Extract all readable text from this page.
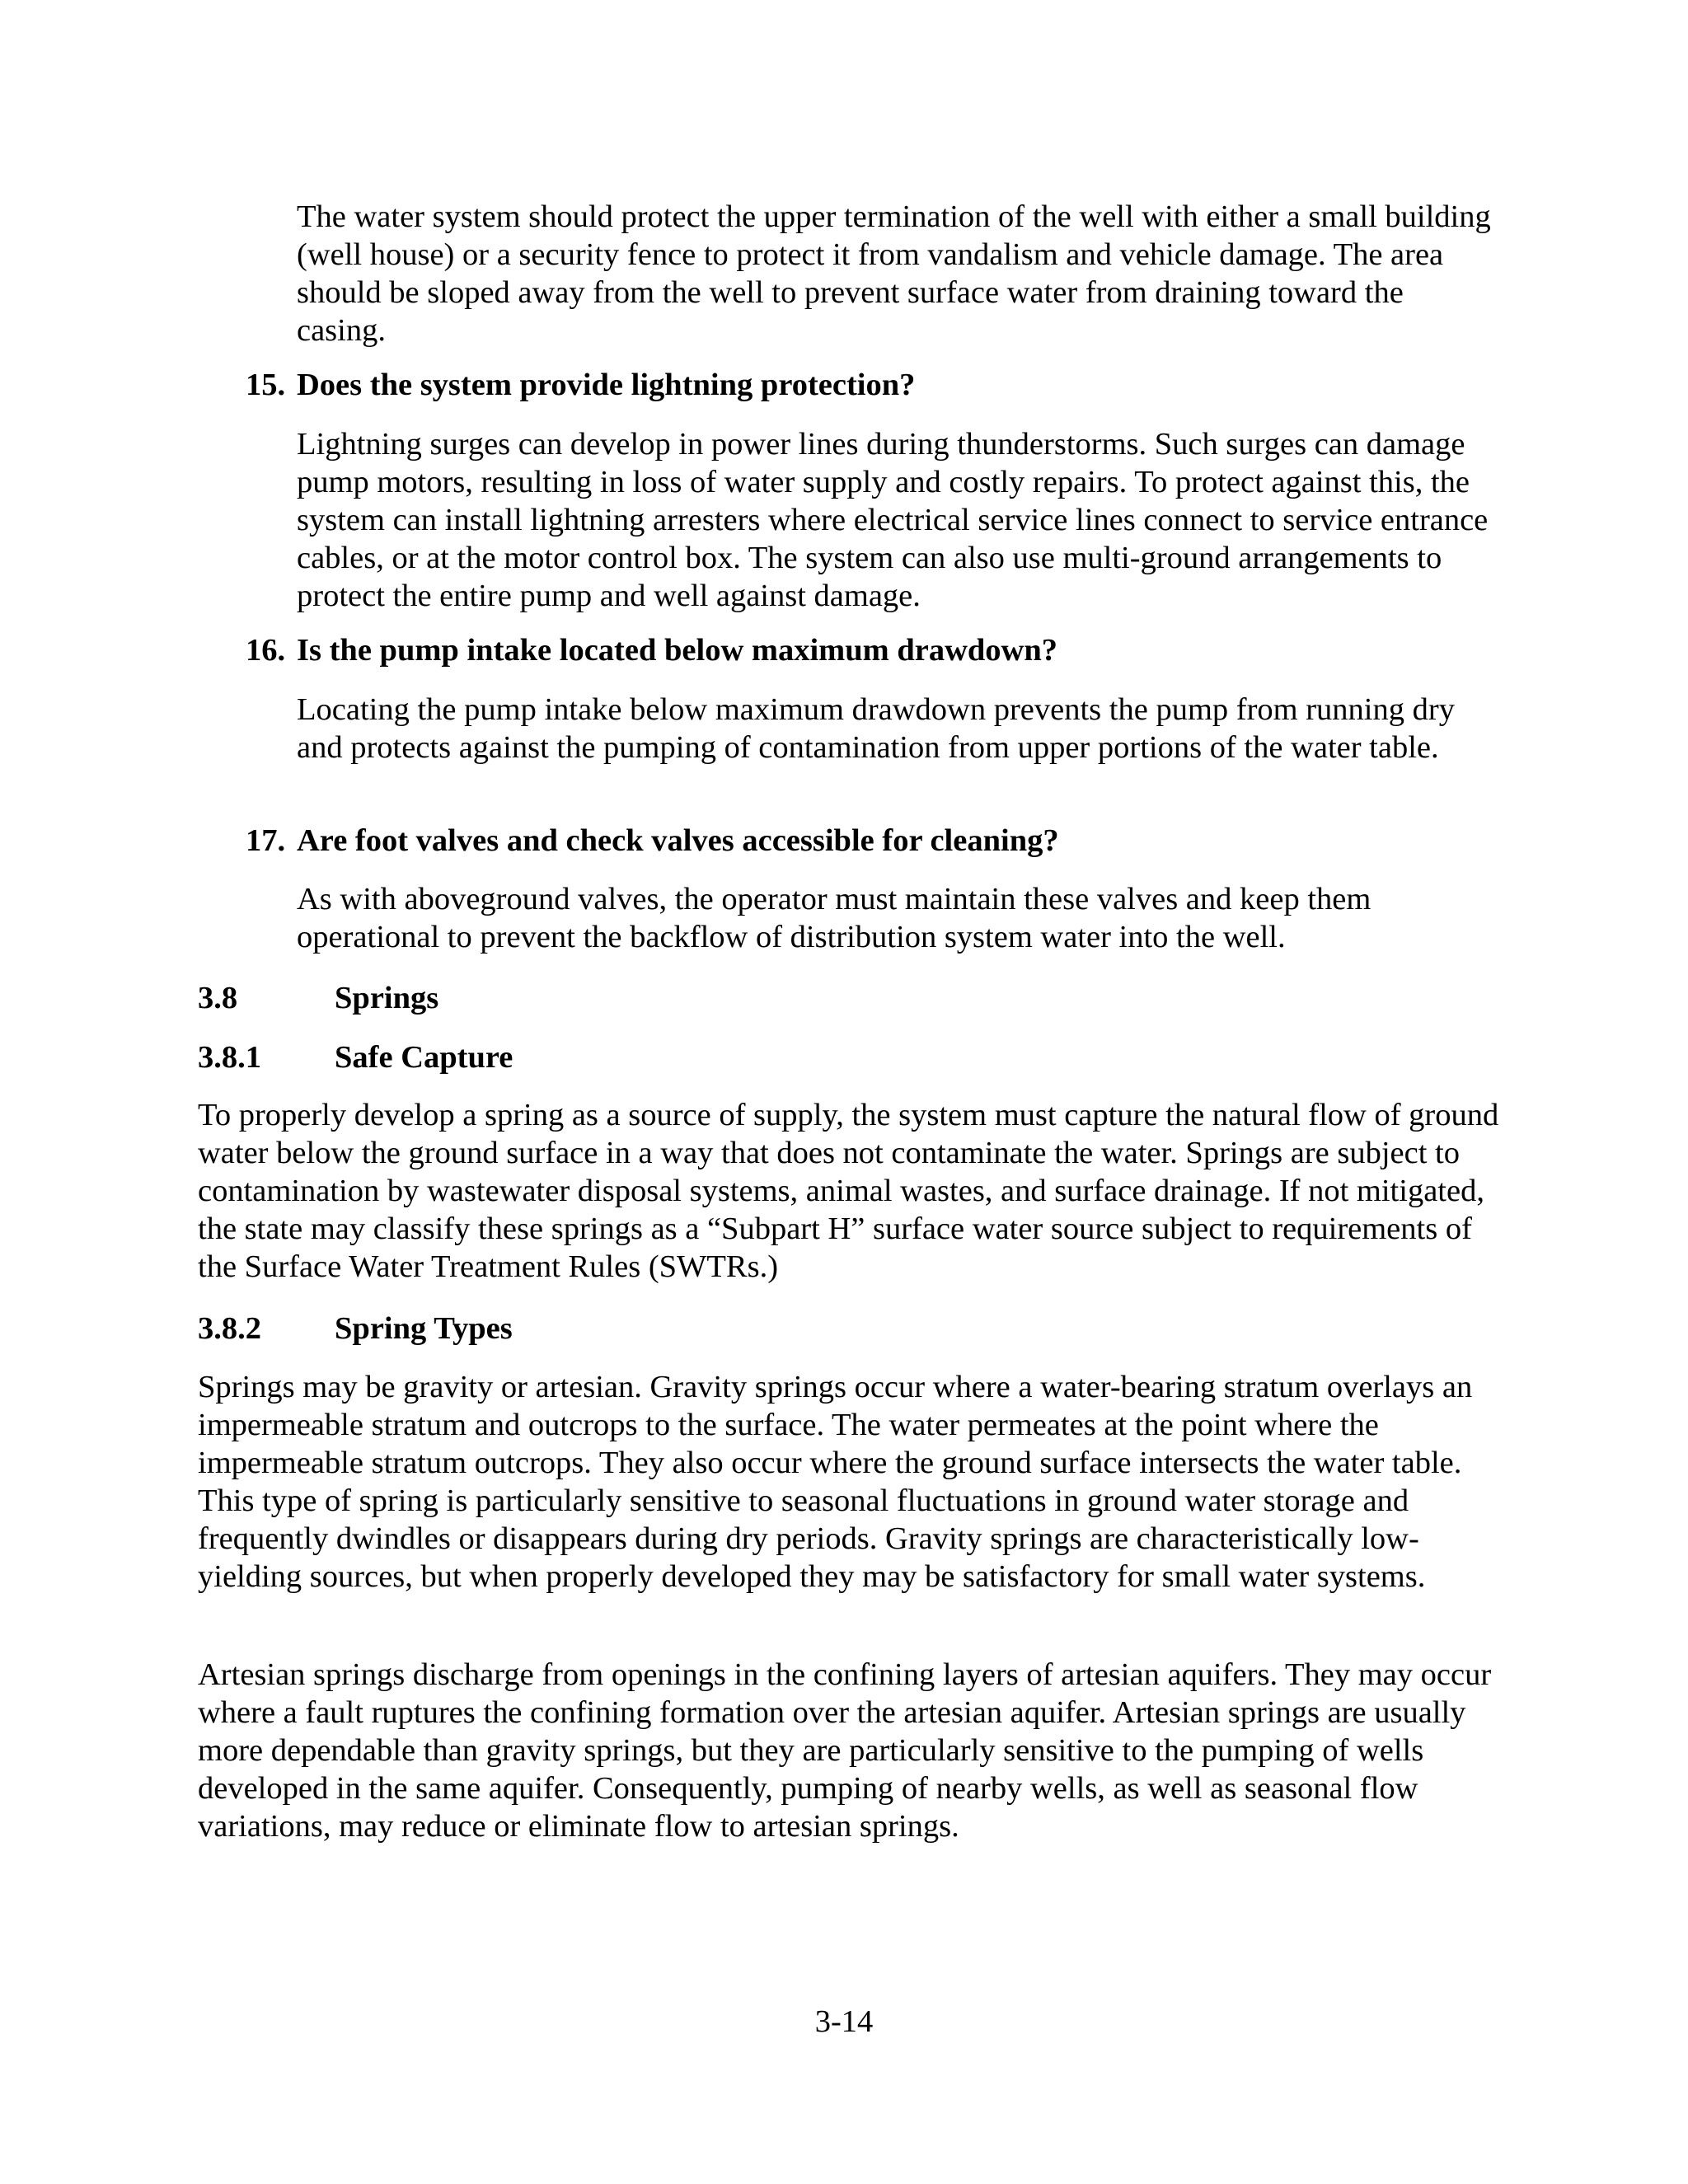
The water system should protect the upper termination of the well with either a small building (well house) or a security fence to protect it from vandalism and vehicle damage. The area should be sloped away from the well to prevent surface water from draining toward the casing.

15. Does the system provide lightning protection?

Lightning surges can develop in power lines during thunderstorms. Such surges can damage pump motors, resulting in loss of water supply and costly repairs. To protect against this, the system can install lightning arresters where electrical service lines connect to service entrance cables, or at the motor control box. The system can also use multi-ground arrangements to protect the entire pump and well against damage.

16. Is the pump intake located below maximum drawdown?

Locating the pump intake below maximum drawdown prevents the pump from running dry and protects against the pumping of contamination from upper portions of the water table.

17. Are foot valves and check valves accessible for cleaning?

As with aboveground valves, the operator must maintain these valves and keep them operational to prevent the backflow of distribution system water into the well.

3.8	Springs
3.8.1 Safe Capture

To properly develop a spring as a source of supply, the system must capture the natural flow of ground water below the ground surface in a way that does not contaminate the water. Springs are subject to contamination by wastewater disposal systems, animal wastes, and surface drainage. If not mitigated, the state may classify these springs as a “Subpart H” surface water source subject to requirements of the Surface Water Treatment Rules (SWTRs.)

3.8.2 Spring Types

Springs may be gravity or artesian. Gravity springs occur where a water-bearing stratum overlays an impermeable stratum and outcrops to the surface. The water permeates at the point where the impermeable stratum outcrops. They also occur where the ground surface intersects the water table. This type of spring is particularly sensitive to seasonal fluctuations in ground water storage and frequently dwindles or disappears during dry periods. Gravity springs are characteristically low-yielding sources, but when properly developed they may be satisfactory for small water systems.

Artesian springs discharge from openings in the confining layers of artesian aquifers. They may occur where a fault ruptures the confining formation over the artesian aquifer. Artesian springs are usually more dependable than gravity springs, but they are particularly sensitive to the pumping of wells developed in the same aquifer. Consequently, pumping of nearby wells, as well as seasonal flow variations, may reduce or eliminate flow to artesian springs.

3-14
